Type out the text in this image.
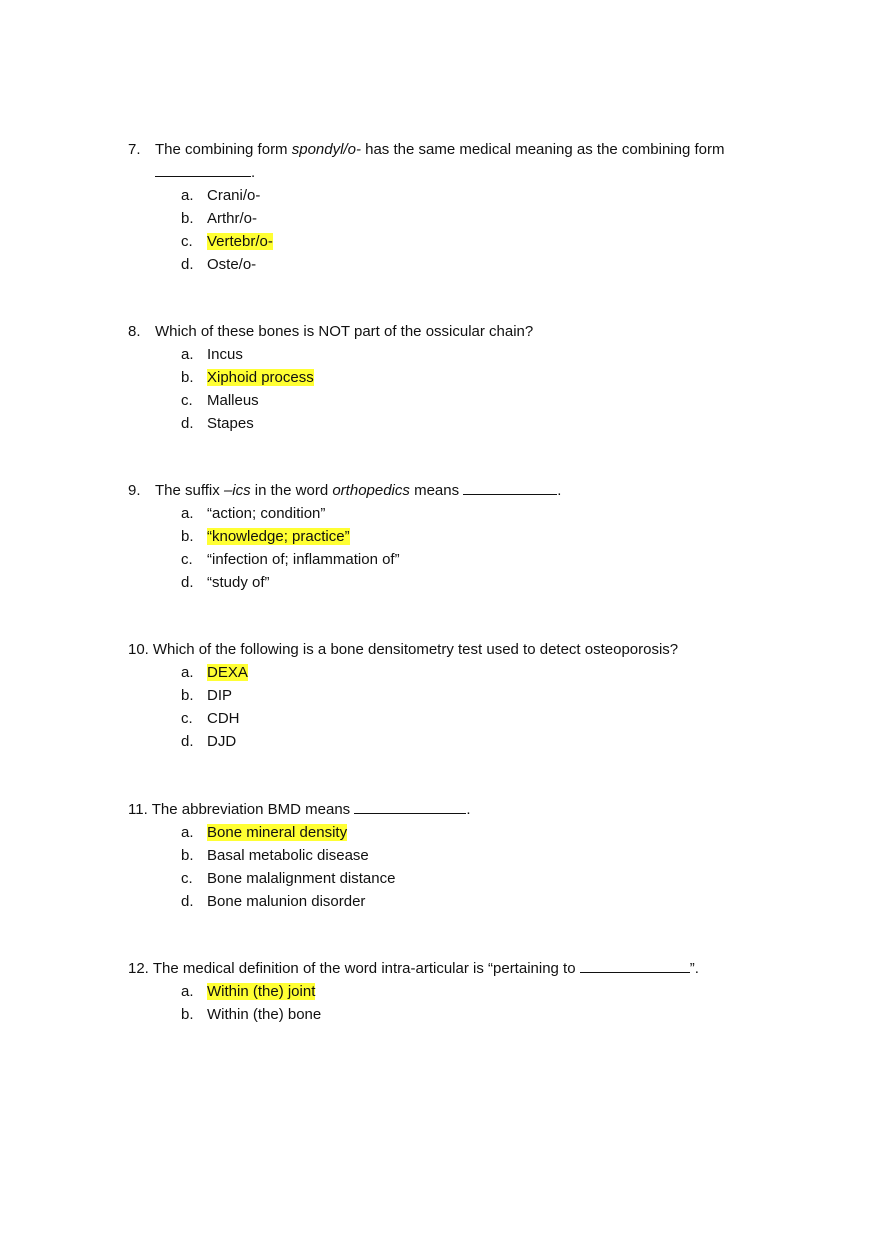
7. The combining form spondyl/o- has the same medical meaning as the combining form
.
a. Crani/o-
b. Arthr/o-
c. Vertebr/o-
d. Oste/o-
8. Which of these bones is NOT part of the ossicular chain?
a. Incus
b. Xiphoid process
c. Malleus
d. Stapes
9. The suffix –ics in the word orthopedics means	.
a. “action; condition”
b. “knowledge; practice”
c. “infection of; inflammation of”
d. “study of”
10. Which of the following is a bone densitometry test used to detect osteoporosis?
a. DEXA
b. DIP
c. CDH
d. DJD
11. The abbreviation BMD means	.
a. Bone mineral density
b. Basal metabolic disease
c. Bone malalignment distance
d. Bone malunion disorder
12. The medical definition of the word intra-articular is “pertaining to	”.
a. Within (the) joint
b. Within (the) bone
